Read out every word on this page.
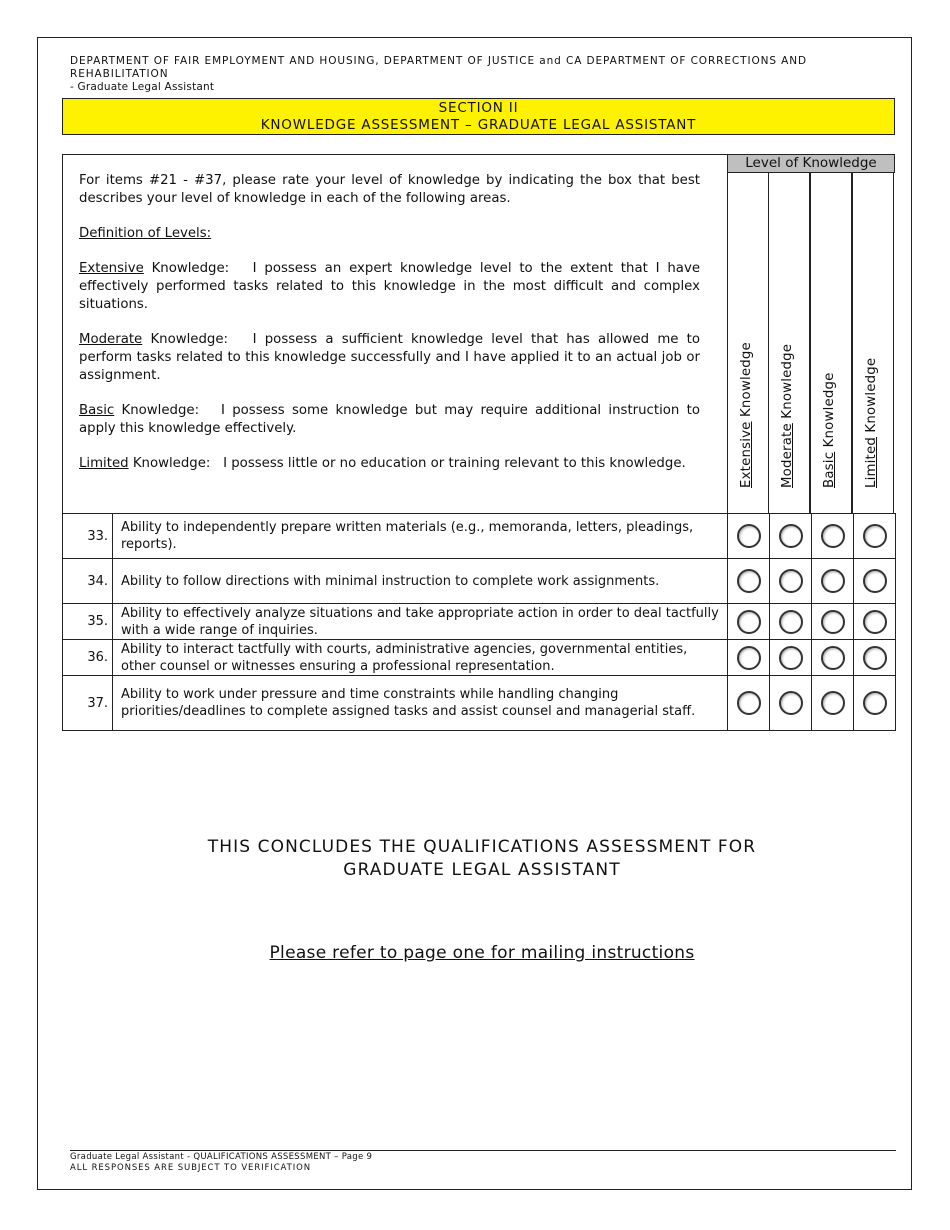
DEPARTMENT OF FAIR EMPLOYMENT AND HOUSING, DEPARTMENT OF JUSTICE and CA DEPARTMENT OF CORRECTIONS AND REHABILITATION
- Graduate Legal Assistant
SECTION II
KNOWLEDGE ASSESSMENT – GRADUATE LEGAL ASSISTANT

For items #21 - #37, please rate your level of knowledge by indicating the box that best describes your level of knowledge in each of the following areas.

Definition of Levels:

Extensive Knowledge: I possess an expert knowledge level to the extent that I have effectively performed tasks related to this knowledge in the most difficult and complex situations.

Moderate Knowledge: I possess a sufficient knowledge level that has allowed me to perform tasks related to this knowledge successfully and I have applied it to an actual job or assignment.

Basic Knowledge: I possess some knowledge but may require additional instruction to apply this knowledge effectively.

Limited Knowledge: I possess little or no education or training relevant to this knowledge.

Level of Knowledge
Extensive Knowledge
Moderate Knowledge
Basic Knowledge
Limited Knowledge
33.	Ability to independently prepare written materials (e.g., memoranda, letters, pleadings, reports).				
34.	Ability to follow directions with minimal instruction to complete work assignments.				
35.	Ability to effectively analyze situations and take appropriate action in order to deal tactfully with a wide range of inquiries.				
36.	Ability to interact tactfully with courts, administrative agencies, governmental entities, other counsel or witnesses ensuring a professional representation.				
37.	Ability to work under pressure and time constraints while handling changing priorities/deadlines to complete assigned tasks and assist counsel and managerial staff.				
THIS CONCLUDES THE QUALIFICATIONS ASSESSMENT FOR
GRADUATE LEGAL ASSISTANT
Please refer to page one for mailing instructions
Graduate Legal Assistant - QUALIFICATIONS ASSESSMENT – Page 9
ALL RESPONSES ARE SUBJECT TO VERIFICATION
